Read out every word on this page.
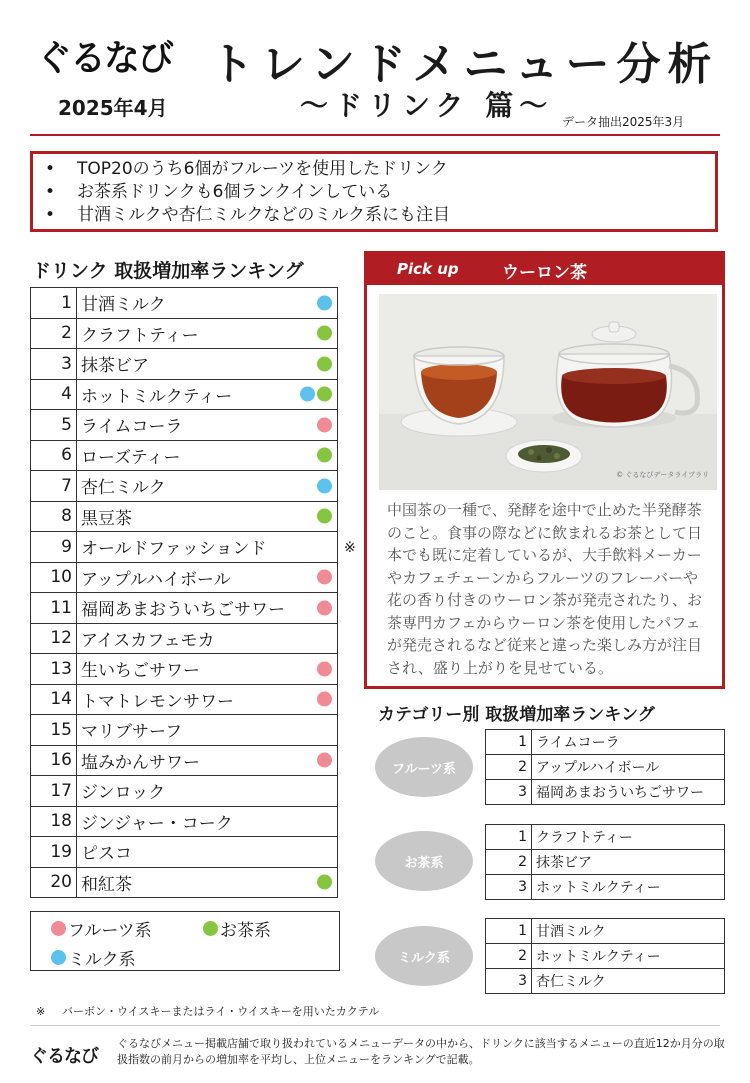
ぐるなび
2025年4月
トレンドメニュー分析
～ドリンク 篇～ データ抽出2025年3月
• TOP20のうち6個がフルーツを使用したドリンク
• お茶系ドリンクも6個ランクインしている
• 甘酒ミルクや杏仁ミルクなどのミルク系にも注目
ドリンク 取扱増加率ランキング
1	甘酒ミルク

2	クラフトティー

3	抹茶ビア

4	ホットミルクティー

5	ライムコーラ

6	ローズティー

7	杏仁ミルク

8	黒豆茶

9	オールドファッションド
10	アップルハイボール

11	福岡あまおういちごサワー

12	アイスカフェモカ
13	生いちごサワー

14	トマトレモンサワー

15	マリブサーフ
16	塩みかんサワー

17	ジンロック
18	ジンジャー・コーク
19	ピスコ
20	和紅茶
※
フルーツ系	お茶系
ミルク系
Pick up	ウーロン茶
© ぐるなびデータライブラリ
中国茶の一種で、発酵を途中で止めた半発酵茶のこと。食事の際などに飲まれるお茶として日本でも既に定着しているが、大手飲料メーカーやカフェチェーンからフルーツのフレーバーや花の香り付きのウーロン茶が発売されたり、お茶専門カフェからウーロン茶を使用したパフェが発売されるなど従来と違った楽しみ方が注目され、盛り上がりを見せている。
カテゴリー別 取扱増加率ランキング
フルーツ系
1	ライムコーラ
2	アップルハイボール
3	福岡あまおういちごサワー
お茶系
1	クラフトティー
2	抹茶ビア
3	ホットミルクティー
ミルク系
1	甘酒ミルク
2	ホットミルクティー
3	杏仁ミルク
※ バーボン・ウイスキーまたはライ・ウイスキーを用いたカクテル
ぐるなび
ぐるなびメニュー掲載店舗で取り扱われているメニューデータの中から、ドリンクに該当するメニューの直近12か月分の取扱指数の前月からの増加率を平均し、上位メニューをランキングで記載。
